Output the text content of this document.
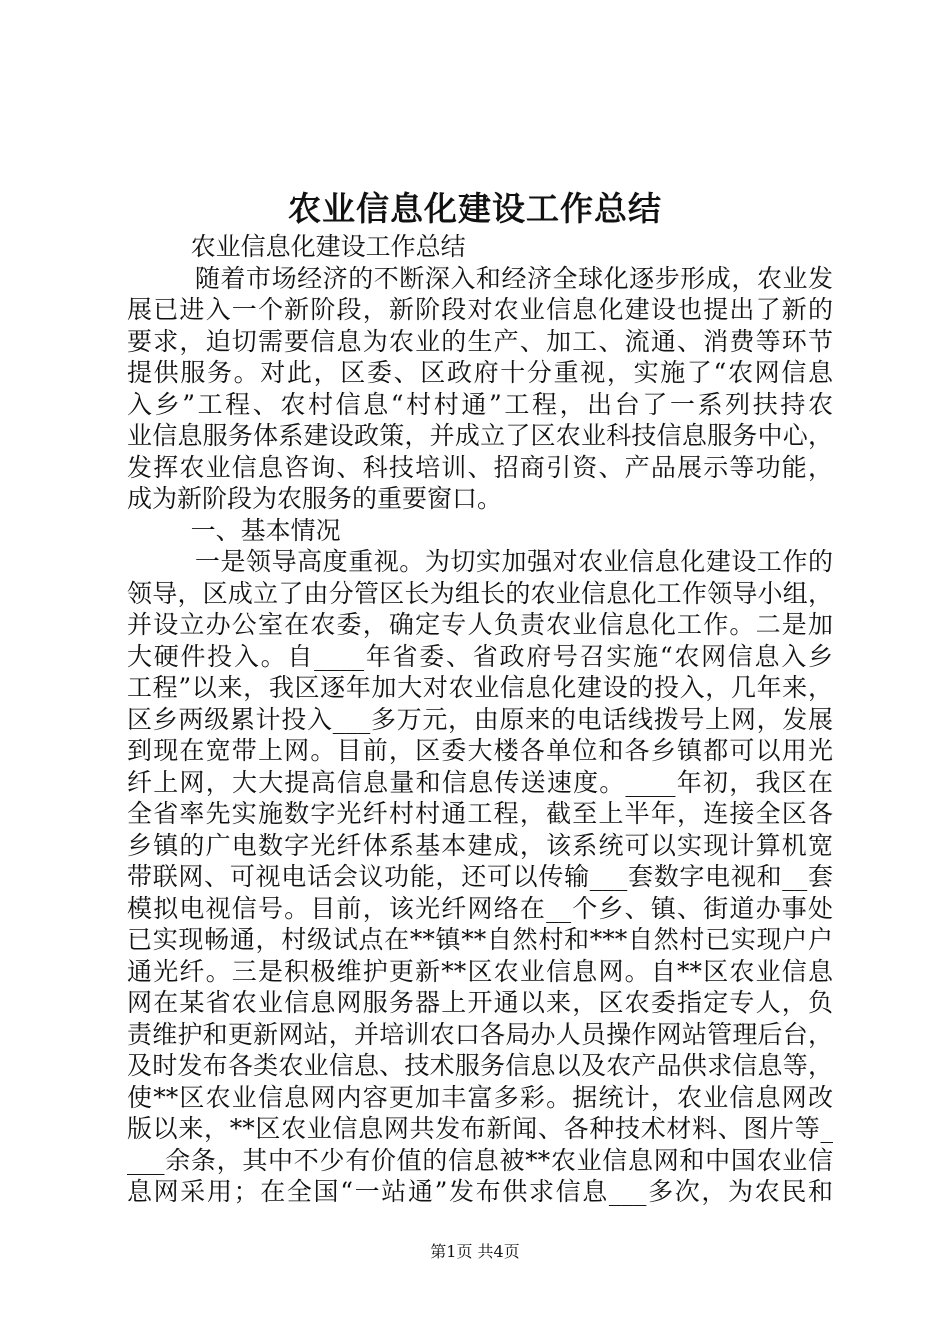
农业信息化建设工作总结
农业信息化建设工作总结
随着市场经济的不断深入和经济全球化逐步形成，农业发
展已进入一个新阶段，新阶段对农业信息化建设也提出了新的
要求，迫切需要信息为农业的生产、加工、流通、消费等环节
提供服务。对此，区委、区政府十分重视，实施了“农网信息
入乡”工程、农村信息“村村通”工程，出台了一系列扶持农
业信息服务体系建设政策，并成立了区农业科技信息服务中心，
发挥农业信息咨询、科技培训、招商引资、产品展示等功能，
成为新阶段为农服务的重要窗口。
一、基本情况
一是领导高度重视。为切实加强对农业信息化建设工作的
领导，区成立了由分管区长为组长的农业信息化工作领导小组，
并设立办公室在农委，确定专人负责农业信息化工作。二是加
大硬件投入。自____年省委、省政府号召实施“农网信息入乡
工程”以来，我区逐年加大对农业信息化建设的投入，几年来，
区乡两级累计投入___多万元，由原来的电话线拨号上网，发展
到现在宽带上网。目前，区委大楼各单位和各乡镇都可以用光
纤上网，大大提高信息量和信息传送速度。____年初，我区在
全省率先实施数字光纤村村通工程，截至上半年，连接全区各
乡镇的广电数字光纤体系基本建成，该系统可以实现计算机宽
带联网、可视电话会议功能，还可以传输___套数字电视和__套
模拟电视信号。目前，该光纤网络在__个乡、镇、街道办事处
已实现畅通，村级试点在**镇**自然村和***自然村已实现户户
通光纤。三是积极维护更新**区农业信息网。自**区农业信息
网在某省农业信息网服务器上开通以来，区农委指定专人，负
责维护和更新网站，并培训农口各局办人员操作网站管理后台，
及时发布各类农业信息、技术服务信息以及农产品供求信息等，
使**区农业信息网内容更加丰富多彩。据统计，农业信息网改
版以来，**区农业信息网共发布新闻、各种技术材料、图片等_
___余条，其中不少有价值的信息被**农业信息网和中国农业信
息网采用；在全国“一站通”发布供求信息___多次，为农民和
第1页 共4页
